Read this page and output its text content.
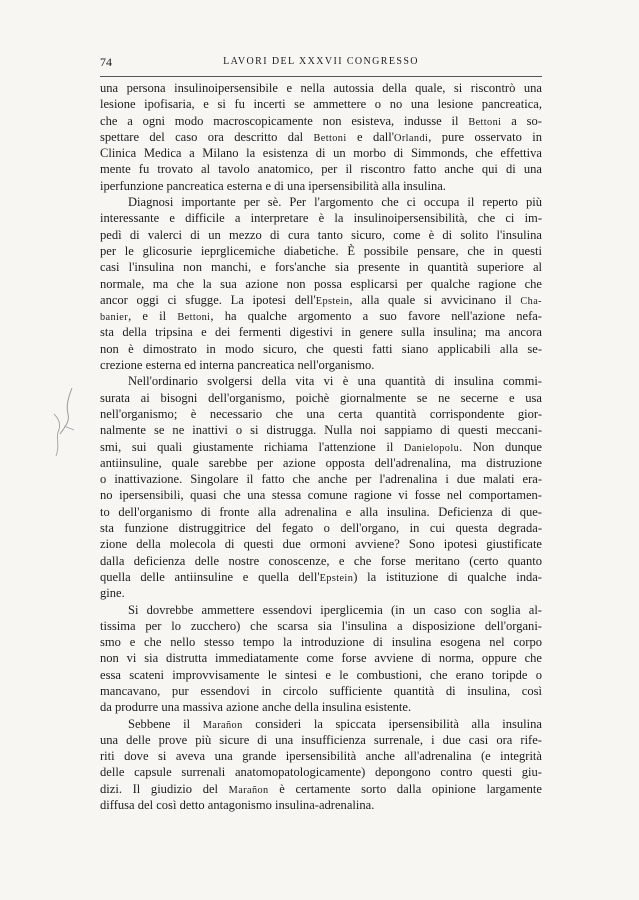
74	LAVORI DEL XXXVII CONGRESSO
una persona insulinoipersensibile e nella autossia della quale, si riscontrò una
lesione ipofisaria, e si fu incerti se ammettere o no una lesione pancreatica,
che a ogni modo macroscopicamente non esisteva, indusse il Bettoni a so-
spettare del caso ora descritto dal Bettoni e dall'Orlandi, pure osservato in
Clinica Medica a Milano la esistenza di un morbo di Simmonds, che effettiva
mente fu trovato al tavolo anatomico, per il riscontro fatto anche qui di una
iperfunzione pancreatica esterna e di una ipersensibilità alla insulina.
Diagnosi importante per sè. Per l'argomento che ci occupa il reperto più
interessante e difficile a interpretare è la insulinoipersensibilità, che ci im-
pedì di valerci di un mezzo di cura tanto sicuro, come è di solito l'insulina
per le glicosurie ieprglicemiche diabetiche. È possibile pensare, che in questi
casi l'insulina non manchi, e fors'anche sia presente in quantità superiore al
normale, ma che la sua azione non possa esplicarsi per qualche ragione che
ancor oggi ci sfugge. La ipotesi dell'Epstein, alla quale si avvicinano il Cha-
banier, e il Bettoni, ha qualche argomento a suo favore nell'azione nefa-
sta della tripsina e dei fermenti digestivi in genere sulla insulina; ma ancora
non è dimostrato in modo sicuro, che questi fatti siano applicabili alla se-
crezione esterna ed interna pancreatica nell'organismo.
Nell'ordinario svolgersi della vita vi è una quantità di insulina commi-
surata ai bisogni dell'organismo, poichè giornalmente se ne secerne e usa
nell'organismo; è necessario che una certa quantità corrispondente gior-
nalmente se ne inattivi o si distrugga. Nulla noi sappiamo di questi meccani-
smi, sui quali giustamente richiama l'attenzione il Danielopolu. Non dunque
antiinsuline, quale sarebbe per azione opposta dell'adrenalina, ma distruzione
o inattivazione. Singolare il fatto che anche per l'adrenalina i due malati era-
no ipersensibili, quasi che una stessa comune ragione vi fosse nel comportamen-
to dell'organismo di fronte alla adrenalina e alla insulina. Deficienza di que-
sta funzione distruggitrice del fegato o dell'organo, in cui questa degrada-
zione della molecola di questi due ormoni avviene? Sono ipotesi giustificate
dalla deficienza delle nostre conoscenze, e che forse meritano (certo quanto
quella delle antiinsuline e quella dell'Epstein) la istituzione di qualche inda-
gine.
Si dovrebbe ammettere essendovi iperglicemia (in un caso con soglia al-
tissima per lo zucchero) che scarsa sia l'insulina a disposizione dell'organi-
smo e che nello stesso tempo la introduzione di insulina esogena nel corpo
non vi sia distrutta immediatamente come forse avviene di norma, oppure che
essa scateni improvvisamente le sintesi e le combustioni, che erano toripde o
mancavano, pur essendovi in circolo sufficiente quantità di insulina, così
da produrre una massiva azione anche della insulina esistente.
Sebbene il Marañon consideri la spiccata ipersensibilità alla insulina
una delle prove più sicure di una insufficienza surrenale, i due casi ora rife-
riti dove si aveva una grande ipersensibilità anche all'adrenalina (e integrità
delle capsule surrenali anatomopatologicamente) depongono contro questi giu-
dizi. Il giudizio del Marañon è certamente sorto dalla opinione largamente
diffusa del così detto antagonismo insulina-adrenalina.
